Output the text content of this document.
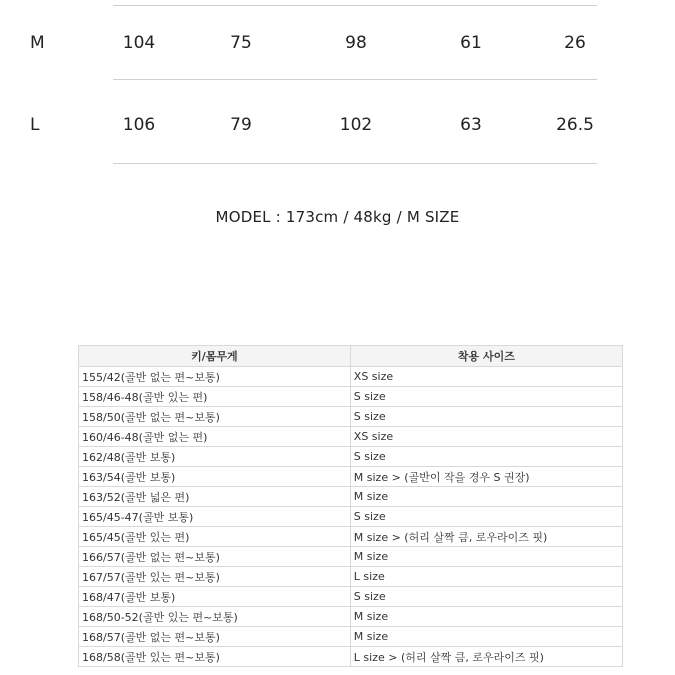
M	104	75	98	61	26
L	106	79	102	63	26.5
MODEL : 173cm / 48kg / M SIZE
키/몸무게	착용 사이즈
155/42(골반 없는 편~보통)	XS size
158/46-48(골반 있는 편)	S size
158/50(골반 없는 편~보통)	S size
160/46-48(골반 없는 편)	XS size
162/48(골반 보통)	S size
163/54(골반 보통)	M size > (골반이 작을 경우 S 권장)
163/52(골반 넓은 편)	M size
165/45-47(골반 보통)	S size
165/45(골반 있는 편)	M size > (허리 살짝 큼, 로우라이즈 핏)
166/57(골반 없는 편~보통)	M size
167/57(골반 있는 편~보통)	L size
168/47(골반 보통)	S size
168/50-52(골반 있는 편~보통)	M size
168/57(골반 없는 편~보통)	M size
168/58(골반 있는 편~보통)	L size > (허리 살짝 큼, 로우라이즈 핏)
